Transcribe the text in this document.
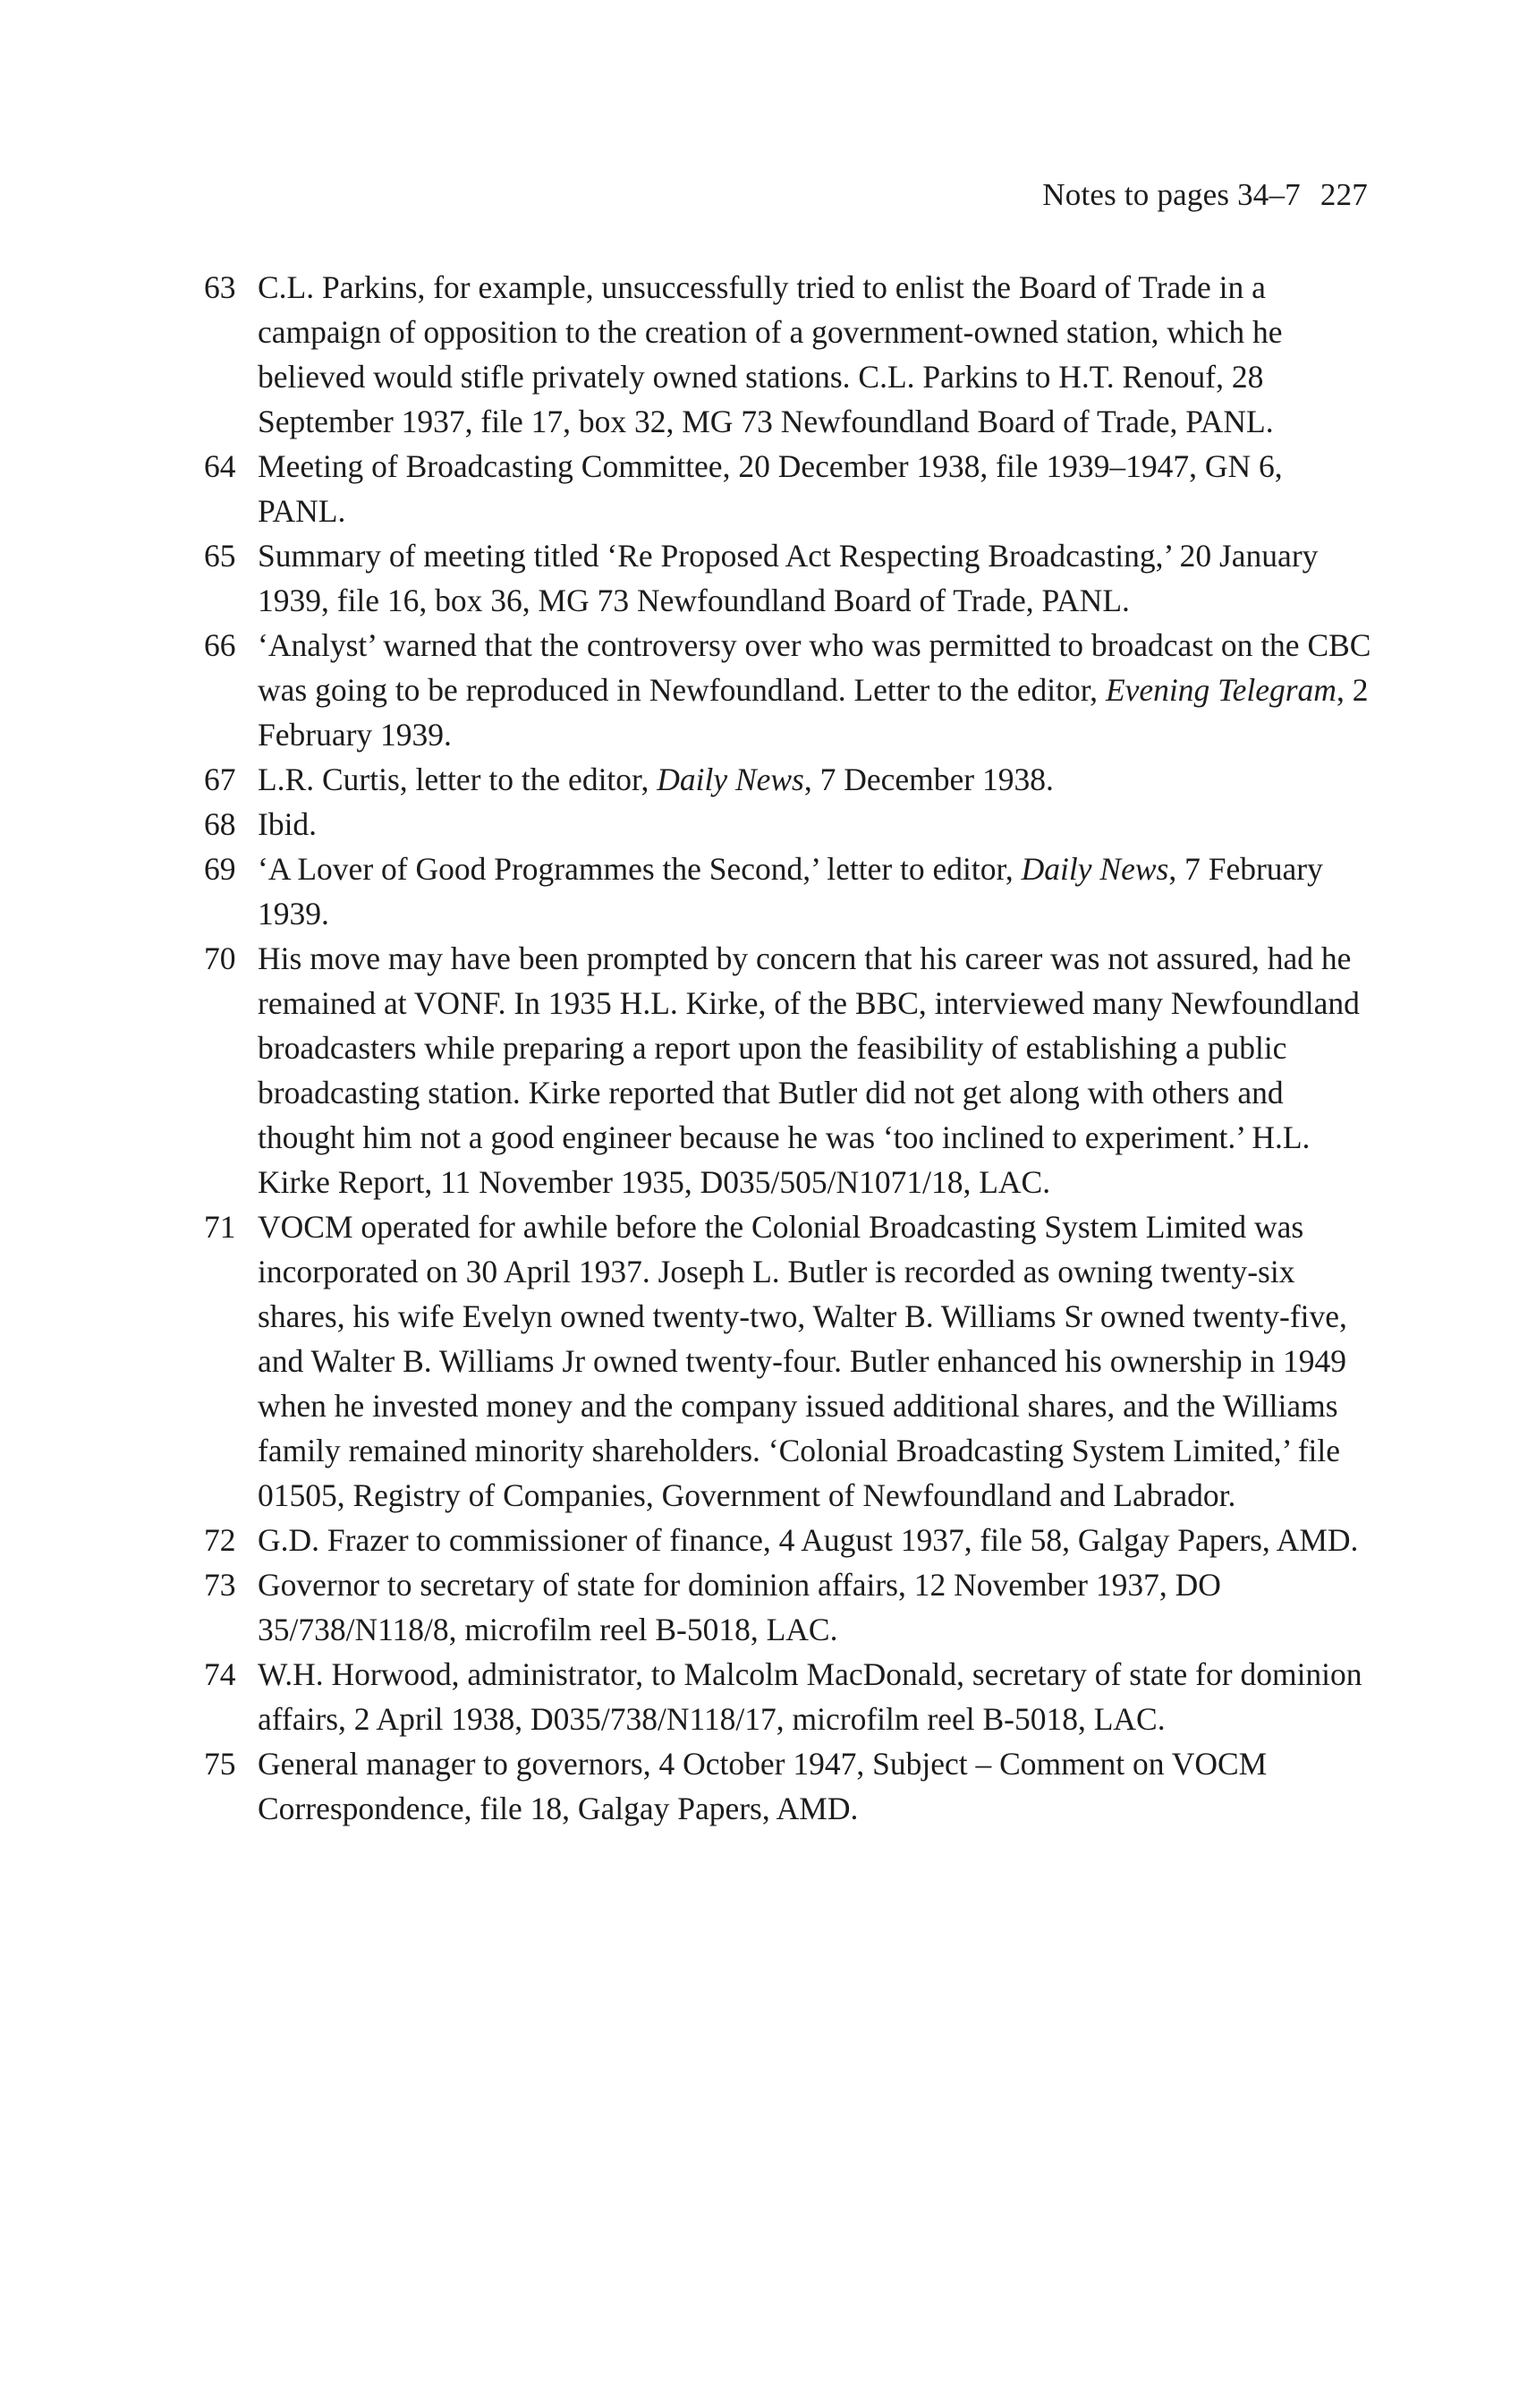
Notes to pages 34–7 227
63 C.L. Parkins, for example, unsuccessfully tried to enlist the Board of Trade in a campaign of opposition to the creation of a government-owned station, which he believed would stifle privately owned stations. C.L. Parkins to H.T. Renouf, 28 September 1937, file 17, box 32, MG 73 Newfoundland Board of Trade, PANL.
64 Meeting of Broadcasting Committee, 20 December 1938, file 1939–1947, GN 6, PANL.
65 Summary of meeting titled ‘Re Proposed Act Respecting Broadcasting,’ 20 January 1939, file 16, box 36, MG 73 Newfoundland Board of Trade, PANL.
66 ‘Analyst’ warned that the controversy over who was permitted to broadcast on the CBC was going to be reproduced in Newfoundland. Letter to the editor, Evening Telegram, 2 February 1939.
67 L.R. Curtis, letter to the editor, Daily News, 7 December 1938.
68 Ibid.
69 ‘A Lover of Good Programmes the Second,’ letter to editor, Daily News, 7 February 1939.
70 His move may have been prompted by concern that his career was not assured, had he remained at VONF. In 1935 H.L. Kirke, of the BBC, interviewed many Newfoundland broadcasters while preparing a report upon the feasibility of establishing a public broadcasting station. Kirke reported that Butler did not get along with others and thought him not a good engineer because he was ‘too inclined to experiment.’ H.L. Kirke Report, 11 November 1935, D035/505/N1071/18, LAC.
71 VOCM operated for awhile before the Colonial Broadcasting System Limited was incorporated on 30 April 1937. Joseph L. Butler is recorded as owning twenty-six shares, his wife Evelyn owned twenty-two, Walter B. Williams Sr owned twenty-five, and Walter B. Williams Jr owned twenty-four. Butler enhanced his ownership in 1949 when he invested money and the company issued additional shares, and the Williams family remained minority shareholders. ‘Colonial Broadcasting System Limited,’ file 01505, Registry of Companies, Government of Newfoundland and Labrador.
72 G.D. Frazer to commissioner of finance, 4 August 1937, file 58, Galgay Papers, AMD.
73 Governor to secretary of state for dominion affairs, 12 November 1937, DO 35/738/N118/8, microfilm reel B-5018, LAC.
74 W.H. Horwood, administrator, to Malcolm MacDonald, secretary of state for dominion affairs, 2 April 1938, D035/738/N118/17, microfilm reel B-5018, LAC.
75 General manager to governors, 4 October 1947, Subject – Comment on VOCM Correspondence, file 18, Galgay Papers, AMD.
